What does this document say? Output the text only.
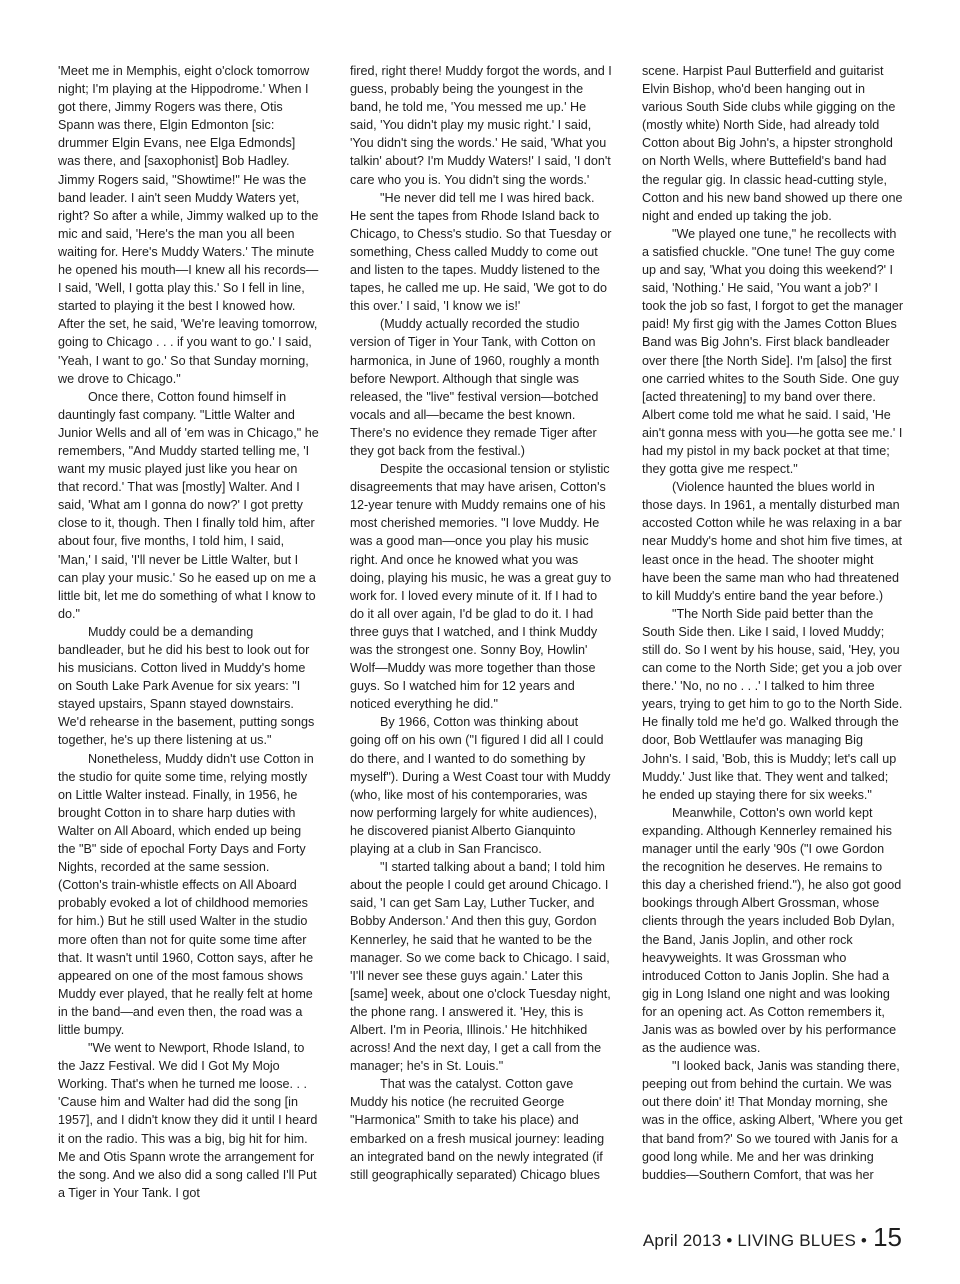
'Meet me in Memphis, eight o'clock tomorrow night; I'm playing at the Hippodrome.' When I got there, Jimmy Rogers was there, Otis Spann was there, Elgin Edmonton [sic: drummer Elgin Evans, nee Elga Edmonds] was there, and [saxophonist] Bob Hadley. Jimmy Rogers said, "Showtime!" He was the band leader. I ain't seen Muddy Waters yet, right? So after a while, Jimmy walked up to the mic and said, 'Here's the man you all been waiting for. Here's Muddy Waters.' The minute he opened his mouth—I knew all his records—I said, 'Well, I gotta play this.' So I fell in line, started to playing it the best I knowed how. After the set, he said, 'We're leaving tomorrow, going to Chicago . . . if you want to go.' I said, 'Yeah, I want to go.' So that Sunday morning, we drove to Chicago."

Once there, Cotton found himself in dauntingly fast company. "Little Walter and Junior Wells and all of 'em was in Chicago," he remembers, "And Muddy started telling me, 'I want my music played just like you hear on that record.' That was [mostly] Walter. And I said, 'What am I gonna do now?' I got pretty close to it, though. Then I finally told him, after about four, five months, I told him, I said, 'Man,' I said, 'I'll never be Little Walter, but I can play your music.' So he eased up on me a little bit, let me do something of what I know to do."

Muddy could be a demanding bandleader, but he did his best to look out for his musicians. Cotton lived in Muddy's home on South Lake Park Avenue for six years: "I stayed upstairs, Spann stayed downstairs. We'd rehearse in the basement, putting songs together, he's up there listening at us."

Nonetheless, Muddy didn't use Cotton in the studio for quite some time, relying mostly on Little Walter instead. Finally, in 1956, he brought Cotton in to share harp duties with Walter on All Aboard, which ended up being the "B" side of epochal Forty Days and Forty Nights, recorded at the same session. (Cotton's train-whistle effects on All Aboard probably evoked a lot of childhood memories for him.) But he still used Walter in the studio more often than not for quite some time after that. It wasn't until 1960, Cotton says, after he appeared on one of the most famous shows Muddy ever played, that he really felt at home in the band—and even then, the road was a little bumpy.

"We went to Newport, Rhode Island, to the Jazz Festival. We did I Got My Mojo Working. That's when he turned me loose. . . 'Cause him and Walter had did the song [in 1957], and I didn't know they did it until I heard it on the radio. This was a big, big hit for him. Me and Otis Spann wrote the arrangement for the song. And we also did a song called I'll Put a Tiger in Your Tank. I got

fired, right there! Muddy forgot the words, and I guess, probably being the youngest in the band, he told me, 'You messed me up.' He said, 'You didn't play my music right.' I said, 'You didn't sing the words.' He said, 'What you talkin' about? I'm Muddy Waters!' I said, 'I don't care who you is. You didn't sing the words.'

"He never did tell me I was hired back. He sent the tapes from Rhode Island back to Chicago, to Chess's studio. So that Tuesday or something, Chess called Muddy to come out and listen to the tapes. Muddy listened to the tapes, he called me up. He said, 'We got to do this over.' I said, 'I know we is!'

(Muddy actually recorded the studio version of Tiger in Your Tank, with Cotton on harmonica, in June of 1960, roughly a month before Newport. Although that single was released, the "live" festival version—botched vocals and all—became the best known. There's no evidence they remade Tiger after they got back from the festival.)

Despite the occasional tension or stylistic disagreements that may have arisen, Cotton's 12-year tenure with Muddy remains one of his most cherished memories. "I love Muddy. He was a good man—once you play his music right. And once he knowed what you was doing, playing his music, he was a great guy to work for. I loved every minute of it. If I had to do it all over again, I'd be glad to do it. I had three guys that I watched, and I think Muddy was the strongest one. Sonny Boy, Howlin' Wolf—Muddy was more together than those guys. So I watched him for 12 years and noticed everything he did."

By 1966, Cotton was thinking about going off on his own ("I figured I did all I could do there, and I wanted to do something by myself"). During a West Coast tour with Muddy (who, like most of his contemporaries, was now performing largely for white audiences), he discovered pianist Alberto Gianquinto playing at a club in San Francisco.

"I started talking about a band; I told him about the people I could get around Chicago. I said, 'I can get Sam Lay, Luther Tucker, and Bobby Anderson.' And then this guy, Gordon Kennerley, he said that he wanted to be the manager. So we come back to Chicago. I said, 'I'll never see these guys again.' Later this [same] week, about one o'clock Tuesday night, the phone rang. I answered it. 'Hey, this is Albert. I'm in Peoria, Illinois.' He hitchhiked across! And the next day, I get a call from the manager; he's in St. Louis."

That was the catalyst. Cotton gave Muddy his notice (he recruited George "Harmonica" Smith to take his place) and embarked on a fresh musical journey: leading an integrated band on the newly integrated (if still geographically separated) Chicago blues

scene. Harpist Paul Butterfield and guitarist Elvin Bishop, who'd been hanging out in various South Side clubs while gigging on the (mostly white) North Side, had already told Cotton about Big John's, a hipster stronghold on North Wells, where Buttefield's band had the regular gig. In classic head-cutting style, Cotton and his new band showed up there one night and ended up taking the job.

"We played one tune," he recollects with a satisfied chuckle. "One tune! The guy come up and say, 'What you doing this weekend?' I said, 'Nothing.' He said, 'You want a job?' I took the job so fast, I forgot to get the manager paid! My first gig with the James Cotton Blues Band was Big John's. First black bandleader over there [the North Side]. I'm [also] the first one carried whites to the South Side. One guy [acted threatening] to my band over there. Albert come told me what he said. I said, 'He ain't gonna mess with you—he gotta see me.' I had my pistol in my back pocket at that time; they gotta give me respect."

(Violence haunted the blues world in those days. In 1961, a mentally disturbed man accosted Cotton while he was relaxing in a bar near Muddy's home and shot him five times, at least once in the head. The shooter might have been the same man who had threatened to kill Muddy's entire band the year before.)

"The North Side paid better than the South Side then. Like I said, I loved Muddy; still do. So I went by his house, said, 'Hey, you can come to the North Side; get you a job over there.' 'No, no no . . .' I talked to him three years, trying to get him to go to the North Side. He finally told me he'd go. Walked through the door, Bob Wettlaufer was managing Big John's. I said, 'Bob, this is Muddy; let's call up Muddy.' Just like that. They went and talked; he ended up staying there for six weeks."

Meanwhile, Cotton's own world kept expanding. Although Kennerley remained his manager until the early '90s ("I owe Gordon the recognition he deserves. He remains to this day a cherished friend."), he also got good bookings through Albert Grossman, whose clients through the years included Bob Dylan, the Band, Janis Joplin, and other rock heavyweights. It was Grossman who introduced Cotton to Janis Joplin. She had a gig in Long Island one night and was looking for an opening act. As Cotton remembers it, Janis was as bowled over by his performance as the audience was.

"I looked back, Janis was standing there, peeping out from behind the curtain. We was out there doin' it! That Monday morning, she was in the office, asking Albert, 'Where you get that band from?' So we toured with Janis for a good long while. Me and her was drinking buddies—Southern Comfort, that was her

April 2013 • LIVING BLUES • 15
